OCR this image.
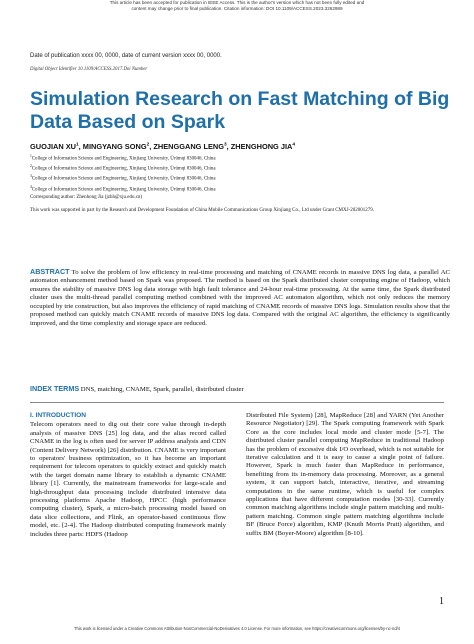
This article has been accepted for publication in IEEE Access. This is the author's version which has not been fully edited and
content may change prior to final publication. Citation information: DOI 10.1109/ACCESS.2023.3262989
Date of publication xxxx 00, 0000, date of current version xxxx 00, 0000.
Digital Object Identifier 10.1109/ACCESS.2017.Doi Number
Simulation Research on Fast Matching of Big Data Based on Spark
GUOJIAN $XU^1$, MINGYANG SONG$^2$, ZHENGGANG LENG$^3$, ZHENGHONG JIA$^4$
$^1$College of Information Science and Engineering, Xinjiang University, Ürümqi 830046, China
$^2$College of Information Science and Engineering, Xinjiang University, Ürümqi 830046, China
$^3$College of Information Science and Engineering, Xinjiang University, Ürümqi 830046, China
$^4$College of Information Science and Engineering, Xinjiang University, Ürümqi 830046, China
Corresponding author: Zhenhong Jia (jzhh@xju.edu.cn)
This work was supported in part by the Research and Development Foundation of China Mobile Communications Group Xinjiang Co., Ltd under Grant CMXJ-202001279.

ABSTRACT To solve the problem of low efficiency in real-time processing and matching of CNAME records in massive DNS log data, a parallel AC automaton enhancement method based on Spark was proposed. The method is based on the Spark distributed cluster computing engine of Hadoop, which ensures the stability of massive DNS log data storage with high fault tolerance and 24-hour real-time processing. At the same time, the Spark distributed cluster uses the multi-thread parallel computing method combined with the improved AC automaton algorithm, which not only reduces the memory occupied by trie construction, but also improves the efficiency of rapid matching of CNAME records of massive DNS logs. Simulation results show that the proposed method can quickly match CNAME records of massive DNS log data. Compared with the original AC algorithm, the efficiency is significantly improved, and the time complexity and storage space are reduced.

INDEX TERMS DNS, matching, CNAME, Spark, parallel, distributed cluster
I. INTRODUCTION

Telecom operators need to dig out their core value through in-depth analysis of massive DNS [25] log data, and the alias record called CNAME in the log is often used for server IP address analysis and CDN (Content Delivery Network) [26] distribution. CNAME is very important to operators' business optimization, so it has become an important requirement for telecom operators to quickly extract and quickly match with the target domain name library to establish a dynamic CNAME library [1]. Currently, the mainstream frameworks for large-scale and high-throughput data processing include distributed intensive data processing platforms Apache Hadoop, HPCC (high performance computing cluster), Spark, a micro-batch processing model based on data slice collections, and Flink, an operator-based continuous flow model, etc. [2-4]. The Hadoop distributed computing framework mainly includes three parts: HDFS (Hadoop

Distributed File System) [28], MapReduce [28] and YARN (Yet Another Resource Negotiator) [29]. The Spark computing framework with Spark Core as the core includes local mode and cluster mode [5-7]. The distributed cluster parallel computing MapReduce in traditional Hadoop has the problem of excessive disk I/O overhead, which is not suitable for iterative calculation and it is easy to cause a single point of failure. However, Spark is much faster than MapReduce in performance, benefiting from its in-memory data processing. Moreover, as a general system, it can support batch, interactive, iterative, and streaming computations in the same runtime, which is useful for complex applications that have different computation modes [30-33]. Currently common matching algorithms include single pattern matching and multi-pattern matching. Common single pattern matching algorithms include BF (Bruce Force) algorithm, KMP (Knuth Morris Pratt) algorithm, and suffix BM (Boyer-Moore) algorithm [8-10].

1
This work is licensed under a Creative Commons Attribution-NonCommercial-NoDerivatives 4.0 License. For more information, see https://creativecommons.org/licenses/by-nc-nd/4
